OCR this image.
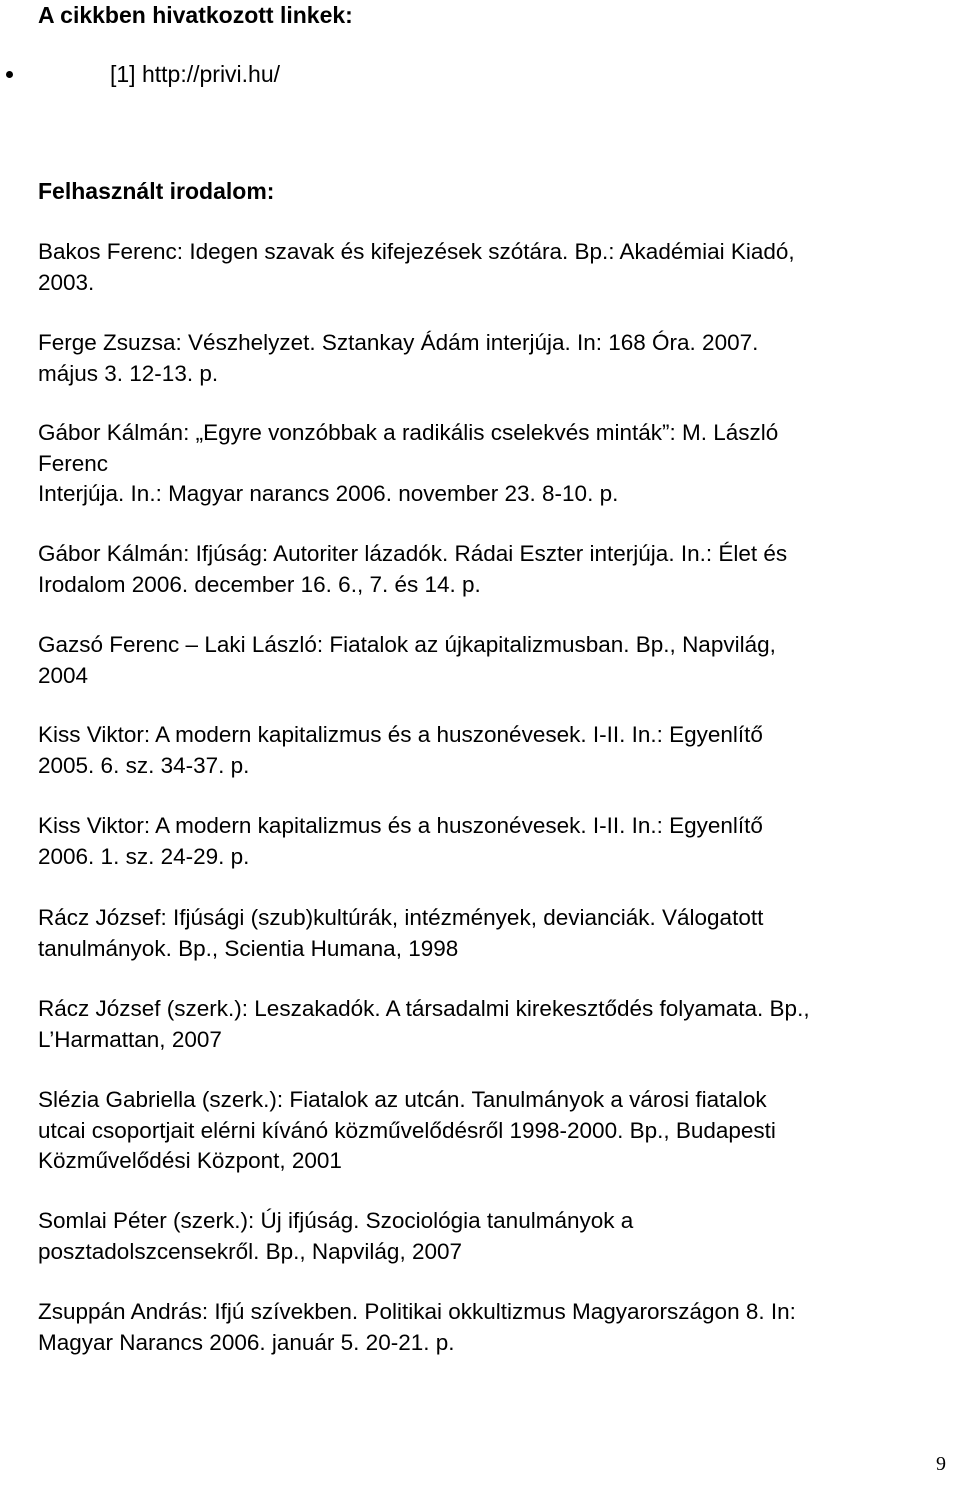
A cikkben hivatkozott linkek:
[1] http://privi.hu/
Felhasznált irodalom:
Bakos Ferenc: Idegen szavak és kifejezések szótára. Bp.: Akadémiai Kiadó,
2003.
Ferge Zsuzsa: Vészhelyzet. Sztankay Ádám interjúja. In: 168 Óra. 2007.
május 3. 12-13. p.
Gábor Kálmán: „Egyre vonzóbbak a radikális cselekvés minták”: M. László
Ferenc
Interjúja. In.: Magyar narancs 2006. november 23. 8-10. p.
Gábor Kálmán: Ifjúság: Autoriter lázadók. Rádai Eszter interjúja. In.: Élet és
Irodalom 2006. december 16. 6., 7. és 14. p.
Gazsó Ferenc – Laki László: Fiatalok az újkapitalizmusban. Bp., Napvilág,
2004
Kiss Viktor: A modern kapitalizmus és a huszonévesek. I-II. In.: Egyenlítő
2005. 6. sz. 34-37. p.
Kiss Viktor: A modern kapitalizmus és a huszonévesek. I-II. In.: Egyenlítő
2006. 1. sz. 24-29. p.
Rácz József: Ifjúsági (szub)kultúrák, intézmények, devianciák. Válogatott
tanulmányok. Bp., Scientia Humana, 1998
Rácz József (szerk.): Leszakadók. A társadalmi kirekesztődés folyamata. Bp.,
L’Harmattan, 2007
Slézia Gabriella (szerk.): Fiatalok az utcán. Tanulmányok a városi fiatalok
utcai csoportjait elérni kívánó közművelődésről 1998-2000. Bp., Budapesti
Közművelődési Központ, 2001
Somlai Péter (szerk.): Új ifjúság. Szociológia tanulmányok a
posztadolszcensekről. Bp., Napvilág, 2007
Zsuppán András: Ifjú szívekben. Politikai okkultizmus Magyarországon 8. In:
Magyar Narancs 2006. január 5. 20-21. p.
9
